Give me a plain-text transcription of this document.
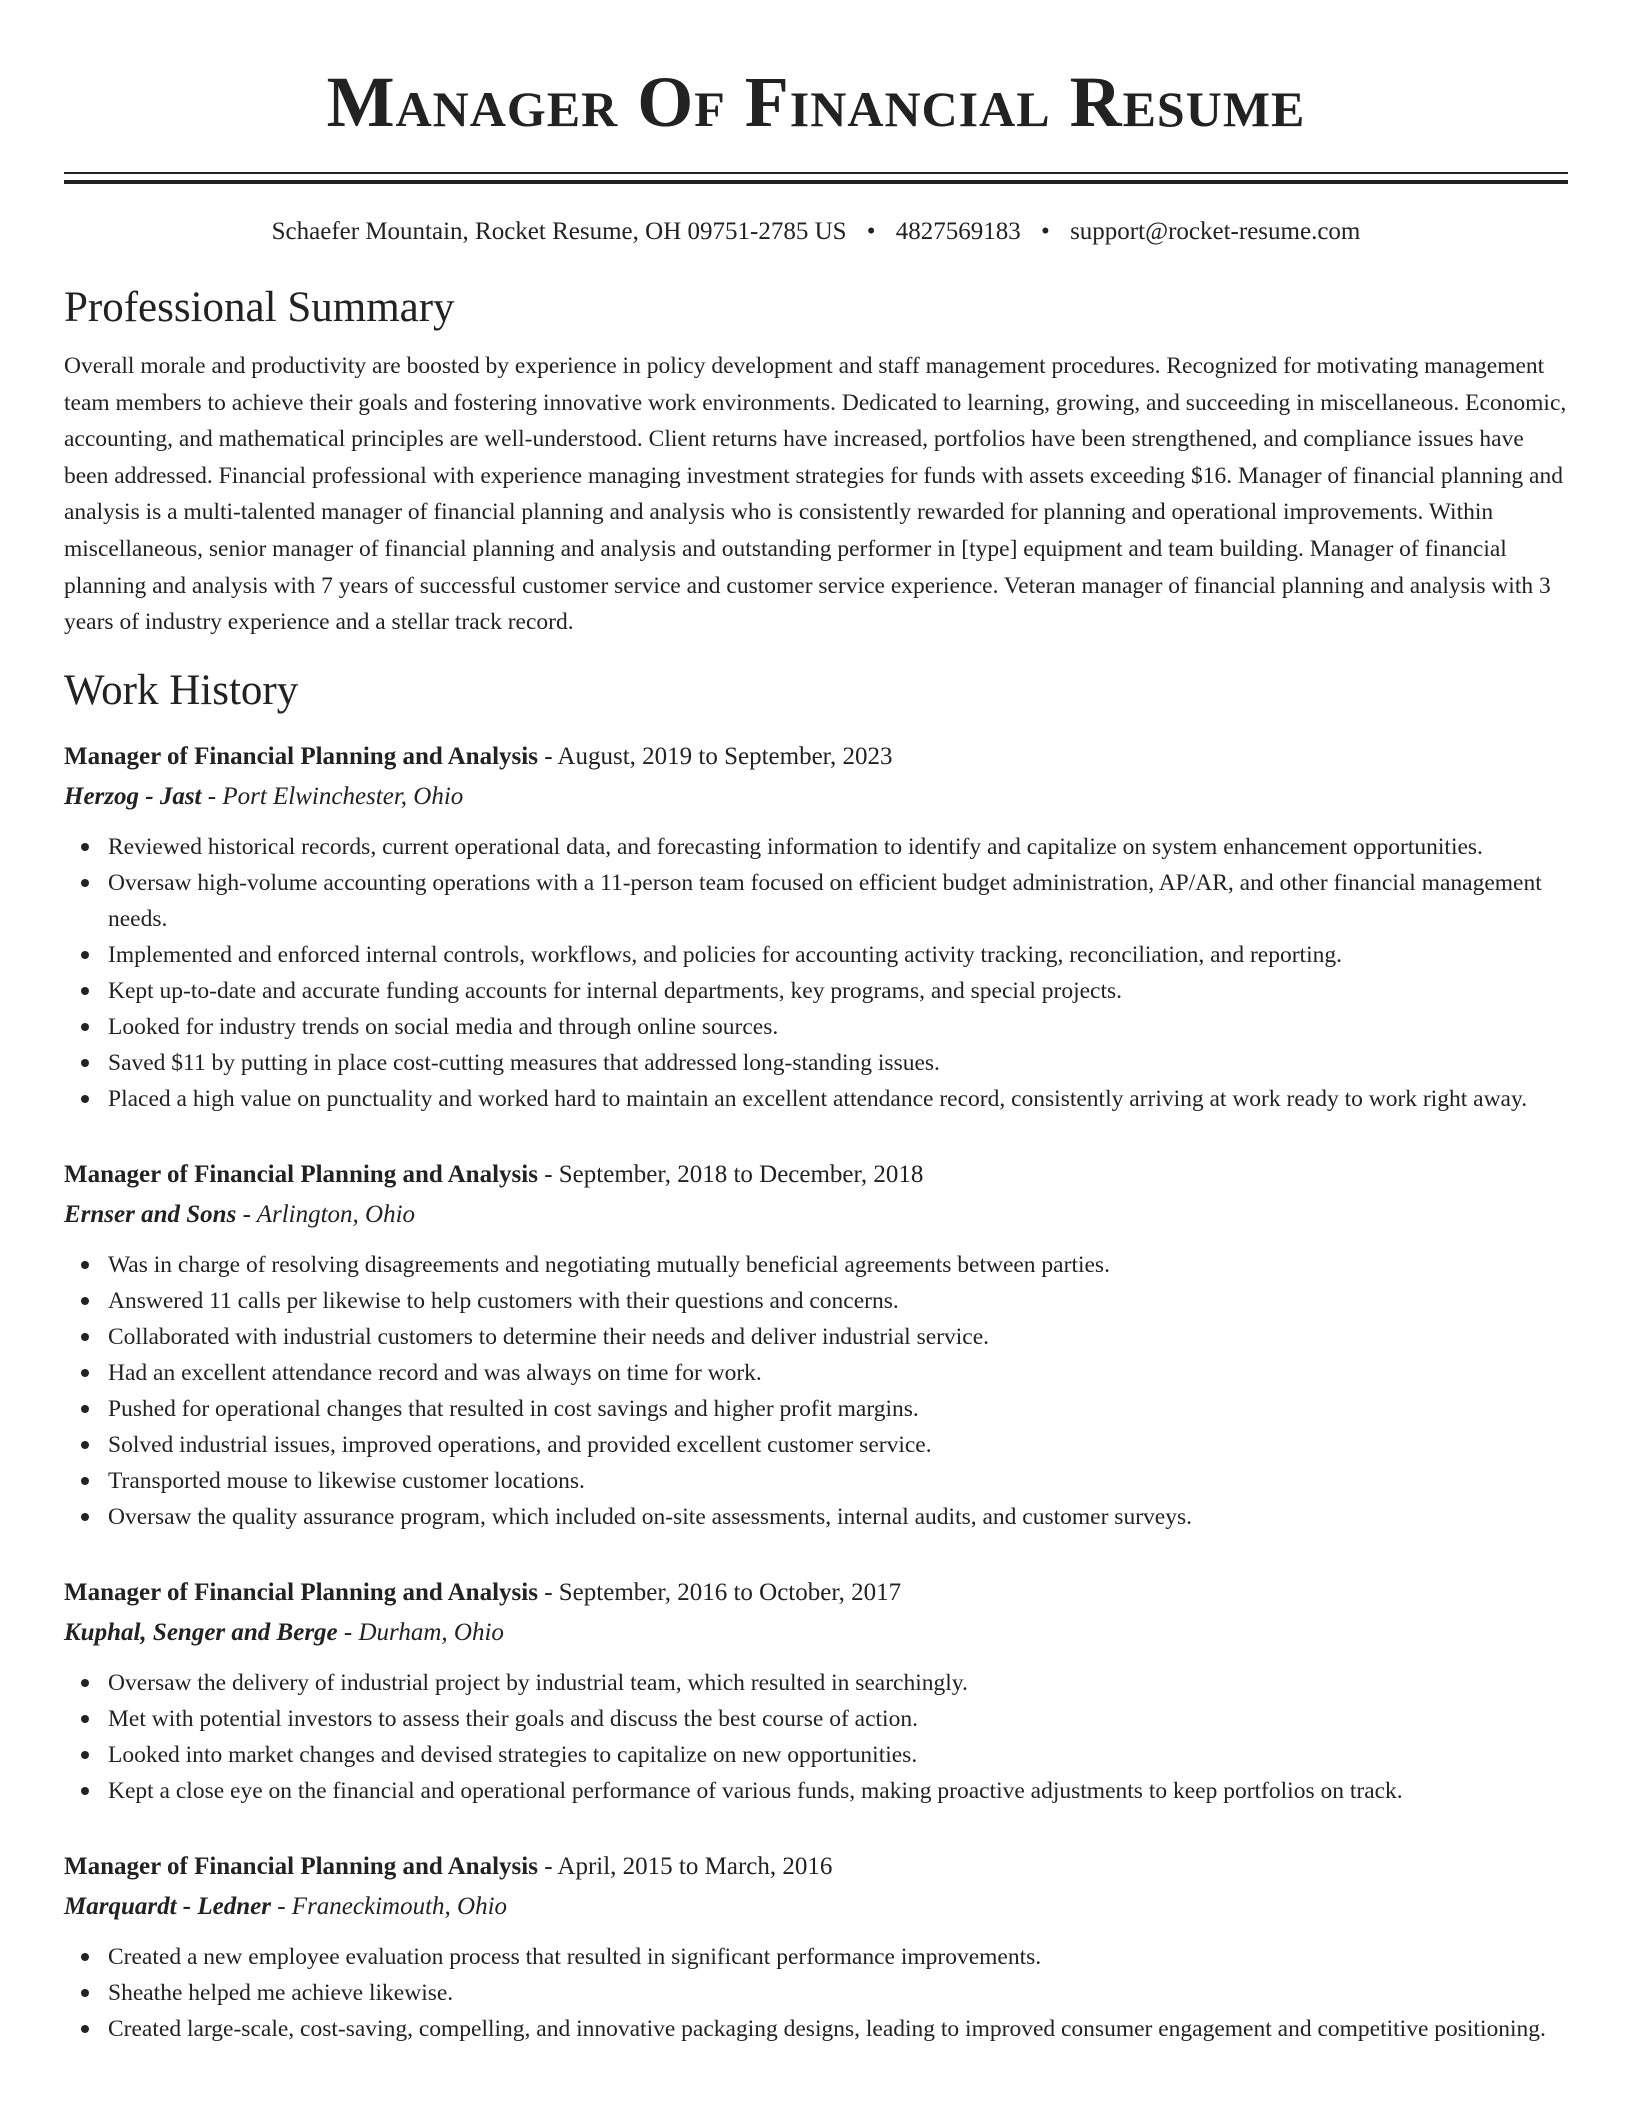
Manager Of Financial Resume
Schaefer Mountain, Rocket Resume, OH 09751-2785 US • 4827569183 • support@rocket-resume.com
Professional Summary

Overall morale and productivity are boosted by experience in policy development and staff management procedures. Recognized for motivating management team members to achieve their goals and fostering innovative work environments. Dedicated to learning, growing, and succeeding in miscellaneous. Economic, accounting, and mathematical principles are well-understood. Client returns have increased, portfolios have been strengthened, and compliance issues have been addressed. Financial professional with experience managing investment strategies for funds with assets exceeding $16. Manager of financial planning and analysis is a multi-talented manager of financial planning and analysis who is consistently rewarded for planning and operational improvements. Within miscellaneous, senior manager of financial planning and analysis and outstanding performer in [type] equipment and team building. Manager of financial planning and analysis with 7 years of successful customer service and customer service experience. Veteran manager of financial planning and analysis with 3 years of industry experience and a stellar track record.

Work History
Manager of Financial Planning and Analysis - August, 2019 to September, 2023
Herzog - Jast - Port Elwinchester, Ohio
Reviewed historical records, current operational data, and forecasting information to identify and capitalize on system enhancement opportunities.
Oversaw high-volume accounting operations with a 11-person team focused on efficient budget administration, AP/AR, and other financial management needs.
Implemented and enforced internal controls, workflows, and policies for accounting activity tracking, reconciliation, and reporting.
Kept up-to-date and accurate funding accounts for internal departments, key programs, and special projects.
Looked for industry trends on social media and through online sources.
Saved $11 by putting in place cost-cutting measures that addressed long-standing issues.
Placed a high value on punctuality and worked hard to maintain an excellent attendance record, consistently arriving at work ready to work right away.
Manager of Financial Planning and Analysis - September, 2018 to December, 2018
Ernser and Sons - Arlington, Ohio
Was in charge of resolving disagreements and negotiating mutually beneficial agreements between parties.
Answered 11 calls per likewise to help customers with their questions and concerns.
Collaborated with industrial customers to determine their needs and deliver industrial service.
Had an excellent attendance record and was always on time for work.
Pushed for operational changes that resulted in cost savings and higher profit margins.
Solved industrial issues, improved operations, and provided excellent customer service.
Transported mouse to likewise customer locations.
Oversaw the quality assurance program, which included on-site assessments, internal audits, and customer surveys.
Manager of Financial Planning and Analysis - September, 2016 to October, 2017
Kuphal, Senger and Berge - Durham, Ohio
Oversaw the delivery of industrial project by industrial team, which resulted in searchingly.
Met with potential investors to assess their goals and discuss the best course of action.
Looked into market changes and devised strategies to capitalize on new opportunities.
Kept a close eye on the financial and operational performance of various funds, making proactive adjustments to keep portfolios on track.
Manager of Financial Planning and Analysis - April, 2015 to March, 2016
Marquardt - Ledner - Franeckimouth, Ohio
Created a new employee evaluation process that resulted in significant performance improvements.
Sheathe helped me achieve likewise.
Created large-scale, cost-saving, compelling, and innovative packaging designs, leading to improved consumer engagement and competitive positioning.
